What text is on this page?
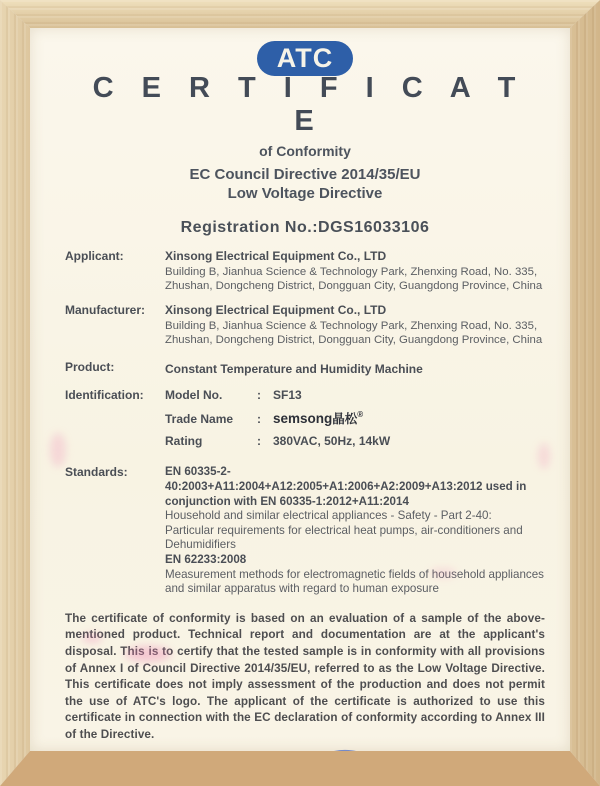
ATC
C E R T I F I C A T E
of Conformity
EC Council Directive 2014/35/EU
Low Voltage Directive
Registration No.:DGS16033106
Applicant:	Xinsong Electrical Equipment Co., LTD
Building B, Jianhua Science & Technology Park, Zhenxing Road, No. 335, Zhushan, Dongcheng District, Dongguan City, Guangdong Province, China
Manufacturer:	Xinsong Electrical Equipment Co., LTD
Building B, Jianhua Science & Technology Park, Zhenxing Road, No. 335, Zhushan, Dongcheng District, Dongguan City, Guangdong Province, China
Product:	Constant Temperature and Humidity Machine
Identification:	Model No.	:	SF13
Trade Name	: semsong晶松®
Rating	:	380VAC, 50Hz, 14kW
Standards:	EN 60335-2-40:2003+A11:2004+A12:2005+A1:2006+A2:2009+A13:2012 used in conjunction with EN 60335-1:2012+A11:2014
Household and similar electrical appliances - Safety - Part 2-40:
Particular requirements for electrical heat pumps, air-conditioners and Dehumidifiers
EN 62233:2008
Measurement methods for electromagnetic fields of household appliances and similar apparatus with regard to human exposure
The certificate of conformity is based on an evaluation of a sample of the above-mentioned product. Technical report and documentation are at the applicant's disposal. This is to certify that the tested sample is in conformity with all provisions of Annex I of Council Directive 2014/35/EU, referred to as the Low Voltage Directive. This certificate does not imply assessment of the production and does not permit the use of ATC's logo. The applicant of the certificate is authorized to use this certificate in connection with the EC declaration of conformity according to Annex III of the Directive.
